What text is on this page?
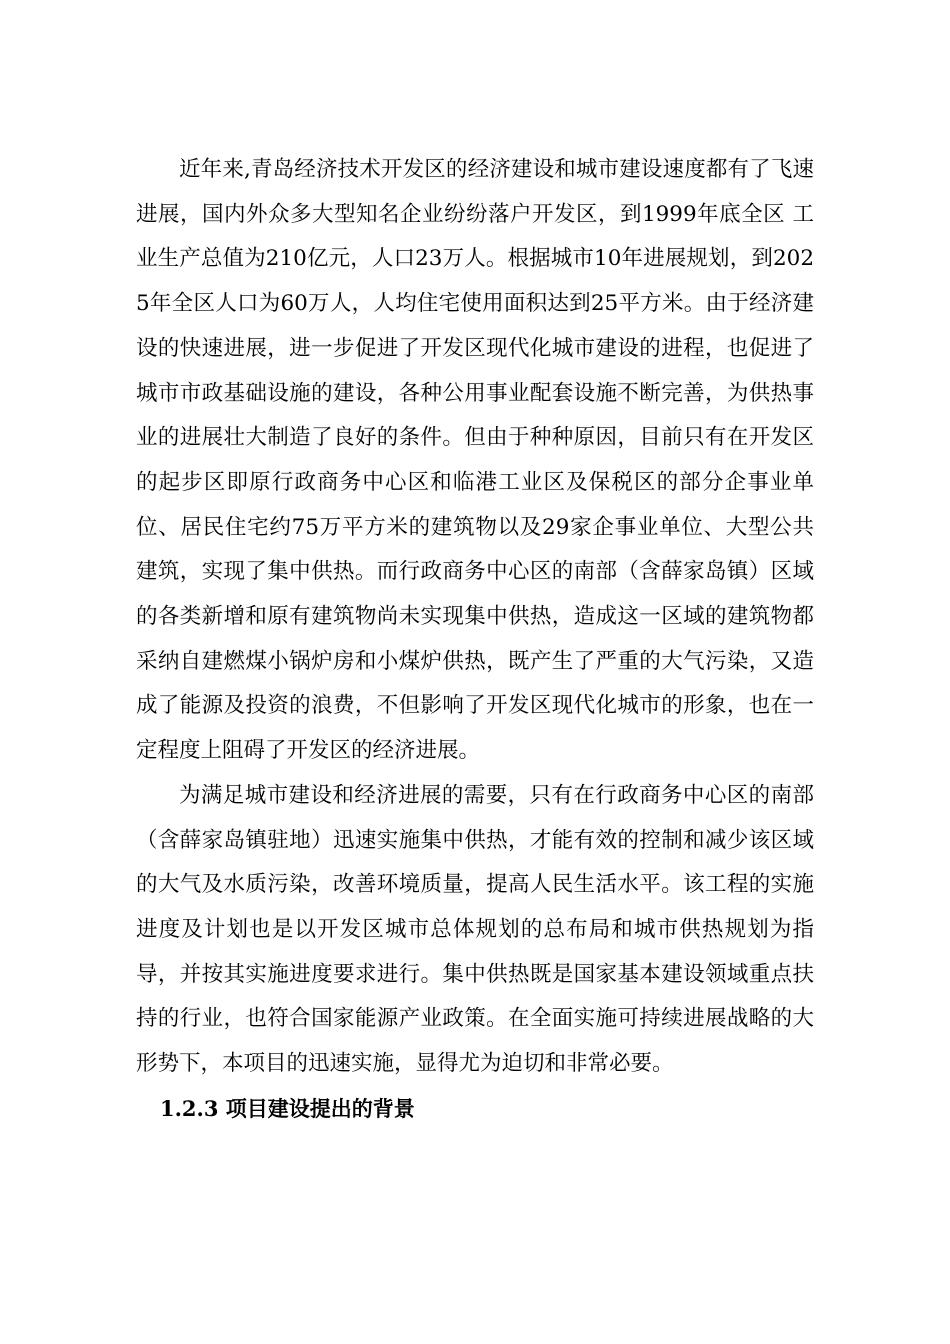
近年来,青岛经济技术开发区的经济建设和城市建设速度都有了飞速进展，国内外众多大型知名企业纷纷落户开发区，到1999年底全区 工业生产总值为210亿元，人口23万人。根据城市10年进展规划，到2025年全区人口为60万人，人均住宅使用面积达到25平方米。由于经济建设的快速进展，进一步促进了开发区现代化城市建设的进程，也促进了城市市政基础设施的建设，各种公用事业配套设施不断完善，为供热事业的进展壮大制造了良好的条件。但由于种种原因，目前只有在开发区的起步区即原行政商务中心区和临港工业区及保税区的部分企事业单位、居民住宅约75万平方米的建筑物以及29家企事业单位、大型公共建筑，实现了集中供热。而行政商务中心区的南部（含薛家岛镇）区域的各类新增和原有建筑物尚未实现集中供热，造成这一区域的建筑物都采纳自建燃煤小锅炉房和小煤炉供热，既产生了严重的大气污染，又造成了能源及投资的浪费，不但影响了开发区现代化城市的形象，也在一定程度上阻碍了开发区的经济进展。

为满足城市建设和经济进展的需要，只有在行政商务中心区的南部（含薛家岛镇驻地）迅速实施集中供热，才能有效的控制和减少该区域的大气及水质污染，改善环境质量，提高人民生活水平。该工程的实施进度及计划也是以开发区城市总体规划的总布局和城市供热规划为指导，并按其实施进度要求进行。集中供热既是国家基本建设领域重点扶持的行业，也符合国家能源产业政策。在全面实施可持续进展战略的大形势下，本项目的迅速实施，显得尤为迫切和非常必要。

1.2.3 项目建设提出的背景
